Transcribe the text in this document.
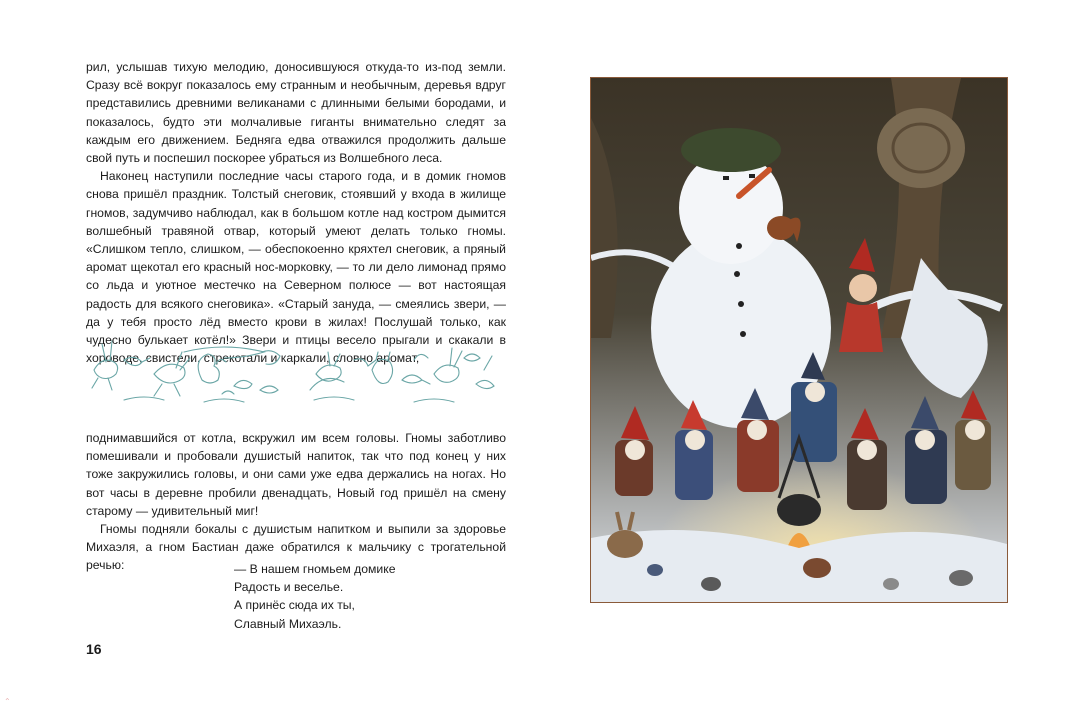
рил, услышав тихую мелодию, доносившуюся откуда-то из-под земли. Сразу всё вокруг показалось ему странным и необычным, деревья вдруг представились древними великанами с длинными белыми бородами, и показалось, будто эти молчаливые гиганты внимательно следят за каждым его движением. Бедняга едва отважился продолжить дальше свой путь и поспешил поскорее убраться из Волшебного леса.

Наконец наступили последние часы старого года, и в домик гномов снова пришёл праздник. Толстый снеговик, стоявший у входа в жилище гномов, задумчиво наблюдал, как в большом котле над костром дымится волшебный травяной отвар, который умеют делать только гномы. «Слишком тепло, слишком, — обеспокоенно кряхтел снеговик, а пряный аромат щекотал его красный нос-морковку, — то ли дело лимонад прямо со льда и уютное местечко на Северном полюсе — вот настоящая радость для всякого снеговика». «Старый зануда, — смеялись звери, — да у тебя просто лёд вместо крови в жилах! Послушай только, как чудесно булькает котёл!» Звери и птицы весело прыгали и скакали в хороводе, свистели, стрекотали и каркали, словно аромат,

поднимавшийся от котла, вскружил им всем головы. Гномы заботливо помешивали и пробовали душистый напиток, так что под конец у них тоже закружились головы, и они сами уже едва держались на ногах. Но вот часы в деревне пробили двенадцать, Новый год пришёл на смену старому — удивительный миг!

Гномы подняли бокалы с душистым напитком и выпили за здоровье Михаэля, а гном Бастиан даже обратился к мальчику с трогательной речью:	— В нашем гномьем домике
Радость и веселье.
А принёс сюда их ты,
Славный Михаэль.
16
⌃
